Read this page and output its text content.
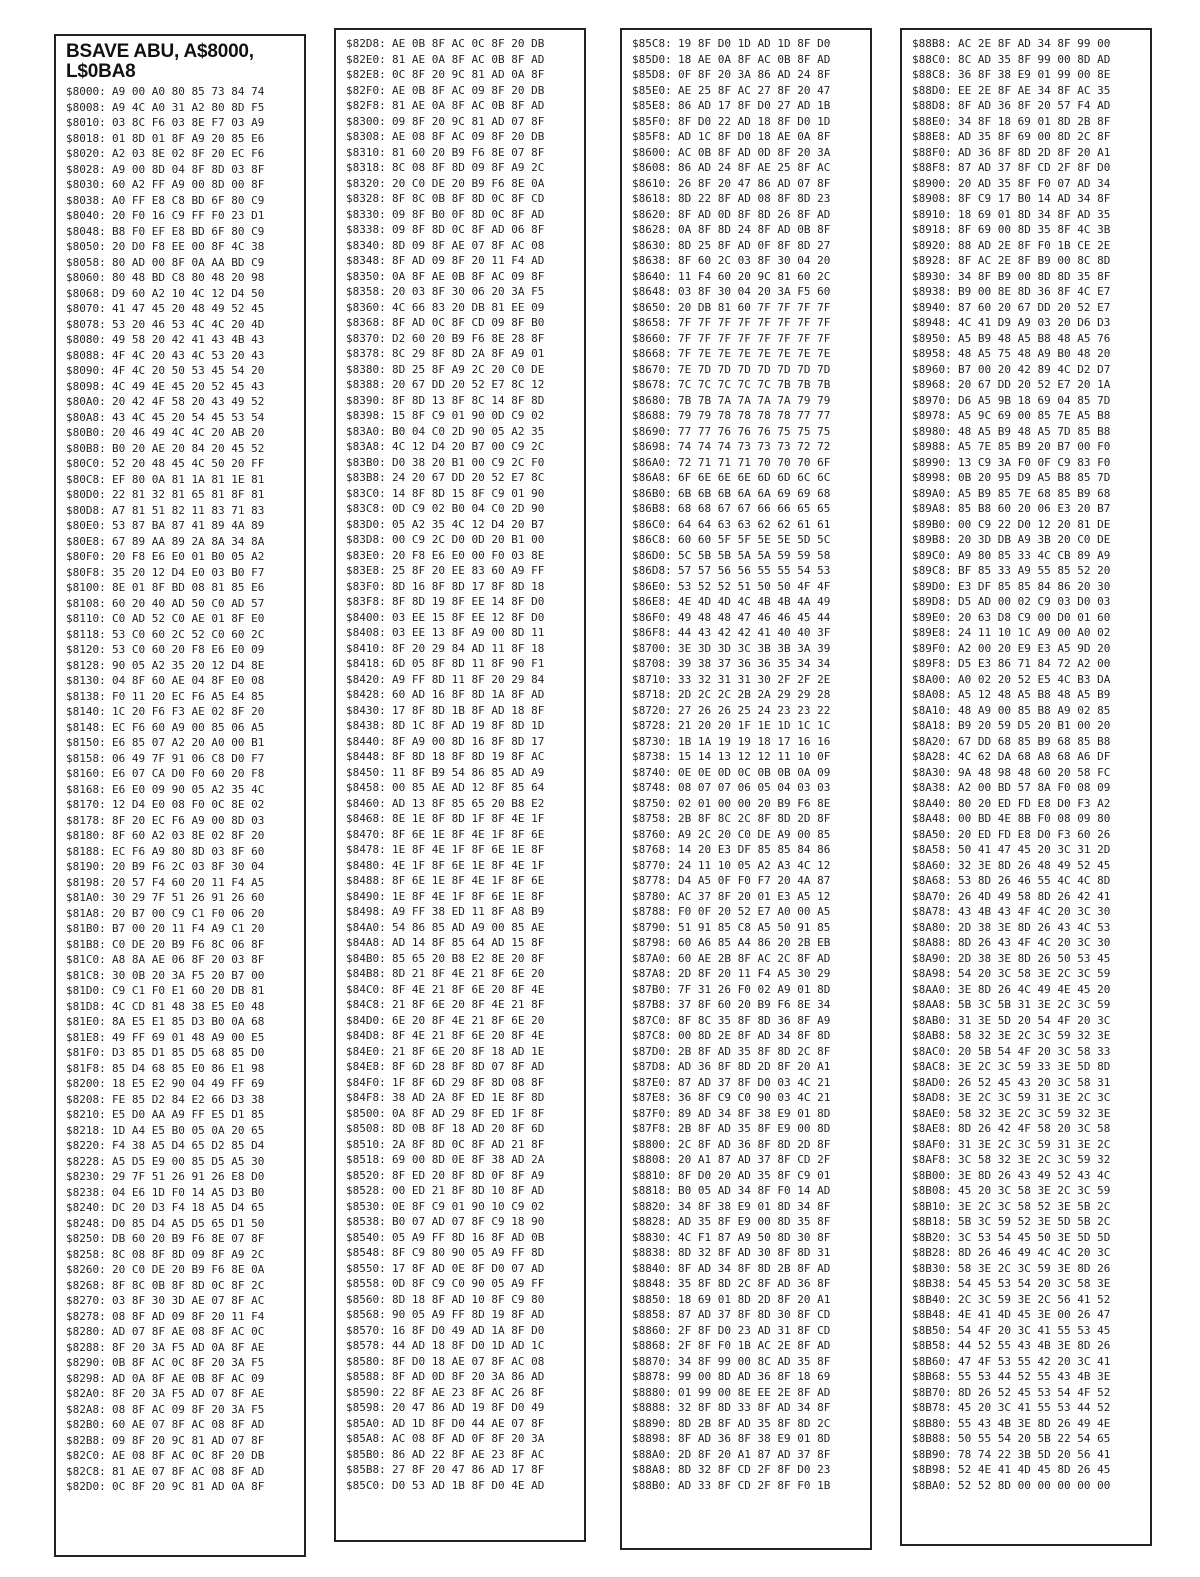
BSAVE ABU, A$8000, L$0BA8
$8000: A9 00 A0 80 85 73 84 74
$8008: A9 4C A0 31 A2 80 8D F5
$8010: 03 8C F6 03 8E F7 03 A9
$8018: 01 8D 01 8F A9 20 85 E6
$8020: A2 03 8E 02 8F 20 EC F6
$8028: A9 00 8D 04 8F 8D 03 8F
$8030: 60 A2 FF A9 00 8D 00 8F
$8038: A0 FF E8 C8 BD 6F 80 C9
$8040: 20 F0 16 C9 FF F0 23 D1
$8048: B8 F0 EF E8 BD 6F 80 C9
$8050: 20 D0 F8 EE 00 8F 4C 38
$8058: 80 AD 00 8F 0A AA BD C9
$8060: 80 48 BD C8 80 48 20 98
$8068: D9 60 A2 10 4C 12 D4 50
$8070: 41 47 45 20 48 49 52 45
$8078: 53 20 46 53 4C 4C 20 4D
$8080: 49 58 20 42 41 43 4B 43
$8088: 4F 4C 20 43 4C 53 20 43
$8090: 4F 4C 20 50 53 45 54 20
$8098: 4C 49 4E 45 20 52 45 43
$80A0: 20 42 4F 58 20 43 49 52
$80A8: 43 4C 45 20 54 45 53 54
$80B0: 20 46 49 4C 4C 20 AB 20
$80B8: B0 20 AE 20 84 20 45 52
$80C0: 52 20 48 45 4C 50 20 FF
$80C8: EF 80 0A 81 1A 81 1E 81
$80D0: 22 81 32 81 65 81 8F 81
$80D8: A7 81 51 82 11 83 71 83
$80E0: 53 87 BA 87 41 89 4A 89
$80E8: 67 89 AA 89 2A 8A 34 8A
$80F0: 20 F8 E6 E0 01 B0 05 A2
$80F8: 35 20 12 D4 E0 03 B0 F7
$8100: 8E 01 8F BD 08 81 85 E6
$8108: 60 20 40 AD 50 C0 AD 57
$8110: C0 AD 52 C0 AE 01 8F E0
$8118: 53 C0 60 2C 52 C0 60 2C
$8120: 53 C0 60 20 F8 E6 E0 09
$8128: 90 05 A2 35 20 12 D4 8E
$8130: 04 8F 60 AE 04 8F E0 08
$8138: F0 11 20 EC F6 A5 E4 85
$8140: 1C 20 F6 F3 AE 02 8F 20
$8148: EC F6 60 A9 00 85 06 A5
$8150: E6 85 07 A2 20 A0 00 B1
$8158: 06 49 7F 91 06 C8 D0 F7
$8160: E6 07 CA D0 F0 60 20 F8
$8168: E6 E0 09 90 05 A2 35 4C
$8170: 12 D4 E0 08 F0 0C 8E 02
$8178: 8F 20 EC F6 A9 00 8D 03
$8180: 8F 60 A2 03 8E 02 8F 20
$8188: EC F6 A9 80 8D 03 8F 60
$8190: 20 B9 F6 2C 03 8F 30 04
$8198: 20 57 F4 60 20 11 F4 A5
$81A0: 30 29 7F 51 26 91 26 60
$81A8: 20 B7 00 C9 C1 F0 06 20
$81B0: B7 00 20 11 F4 A9 C1 20
$81B8: C0 DE 20 B9 F6 8C 06 8F
$81C0: A8 8A AE 06 8F 20 03 8F
$81C8: 30 0B 20 3A F5 20 B7 00
$81D0: C9 C1 F0 E1 60 20 DB 81
$81D8: 4C CD 81 48 38 E5 E0 48
$81E0: 8A E5 E1 85 D3 B0 0A 68
$81E8: 49 FF 69 01 48 A9 00 E5
$81F0: D3 85 D1 85 D5 68 85 D0
$81F8: 85 D4 68 85 E0 86 E1 98
$8200: 18 E5 E2 90 04 49 FF 69
$8208: FE 85 D2 84 E2 66 D3 38
$8210: E5 D0 AA A9 FF E5 D1 85
$8218: 1D A4 E5 B0 05 0A 20 65
$8220: F4 38 A5 D4 65 D2 85 D4
$8228: A5 D5 E9 00 85 D5 A5 30
$8230: 29 7F 51 26 91 26 E8 D0
$8238: 04 E6 1D F0 14 A5 D3 B0
$8240: DC 20 D3 F4 18 A5 D4 65
$8248: D0 85 D4 A5 D5 65 D1 50
$8250: DB 60 20 B9 F6 8E 07 8F
$8258: 8C 08 8F 8D 09 8F A9 2C
$8260: 20 C0 DE 20 B9 F6 8E 0A
$8268: 8F 8C 0B 8F 8D 0C 8F 2C
$8270: 03 8F 30 3D AE 07 8F AC
$8278: 08 8F AD 09 8F 20 11 F4
$8280: AD 07 8F AE 08 8F AC 0C
$8288: 8F 20 3A F5 AD 0A 8F AE
$8290: 0B 8F AC 0C 8F 20 3A F5
$8298: AD 0A 8F AE 0B 8F AC 09
$82A0: 8F 20 3A F5 AD 07 8F AE
$82A8: 08 8F AC 09 8F 20 3A F5
$82B0: 60 AE 07 8F AC 08 8F AD
$82B8: 09 8F 20 9C 81 AD 07 8F
$82C0: AE 08 8F AC 0C 8F 20 DB
$82C8: 81 AE 07 8F AC 08 8F AD
$82D0: 0C 8F 20 9C 81 AD 0A 8F
$82D8: AE 0B 8F AC 0C 8F 20 DB
$82E0: 81 AE 0A 8F AC 0B 8F AD
$82E8: 0C 8F 20 9C 81 AD 0A 8F
$82F0: AE 0B 8F AC 09 8F 20 DB
$82F8: 81 AE 0A 8F AC 0B 8F AD
$8300: 09 8F 20 9C 81 AD 07 8F
$8308: AE 08 8F AC 09 8F 20 DB
$8310: 81 60 20 B9 F6 8E 07 8F
$8318: 8C 08 8F 8D 09 8F A9 2C
$8320: 20 C0 DE 20 B9 F6 8E 0A
$8328: 8F 8C 0B 8F 8D 0C 8F CD
$8330: 09 8F B0 0F 8D 0C 8F AD
$8338: 09 8F 8D 0C 8F AD 06 8F
$8340: 8D 09 8F AE 07 8F AC 08
$8348: 8F AD 09 8F 20 11 F4 AD
$8350: 0A 8F AE 0B 8F AC 09 8F
$8358: 20 03 8F 30 06 20 3A F5
$8360: 4C 66 83 20 DB 81 EE 09
$8368: 8F AD 0C 8F CD 09 8F B0
$8370: D2 60 20 B9 F6 8E 28 8F
$8378: 8C 29 8F 8D 2A 8F A9 01
$8380: 8D 25 8F A9 2C 20 C0 DE
$8388: 20 67 DD 20 52 E7 8C 12
$8390: 8F 8D 13 8F 8C 14 8F 8D
$8398: 15 8F C9 01 90 0D C9 02
$83A0: B0 04 C0 2D 90 05 A2 35
$83A8: 4C 12 D4 20 B7 00 C9 2C
$83B0: D0 38 20 B1 00 C9 2C F0
$83B8: 24 20 67 DD 20 52 E7 8C
$83C0: 14 8F 8D 15 8F C9 01 90
$83C8: 0D C9 02 B0 04 C0 2D 90
$83D0: 05 A2 35 4C 12 D4 20 B7
$83D8: 00 C9 2C D0 0D 20 B1 00
$83E0: 20 F8 E6 E0 00 F0 03 8E
$83E8: 25 8F 20 EE 83 60 A9 FF
$83F0: 8D 16 8F 8D 17 8F 8D 18
$83F8: 8F 8D 19 8F EE 14 8F D0
$8400: 03 EE 15 8F EE 12 8F D0
$8408: 03 EE 13 8F A9 00 8D 11
$8410: 8F 20 29 84 AD 11 8F 18
$8418: 6D 05 8F 8D 11 8F 90 F1
$8420: A9 FF 8D 11 8F 20 29 84
$8428: 60 AD 16 8F 8D 1A 8F AD
$8430: 17 8F 8D 1B 8F AD 18 8F
$8438: 8D 1C 8F AD 19 8F 8D 1D
$8440: 8F A9 00 8D 16 8F 8D 17
$8448: 8F 8D 18 8F 8D 19 8F AC
$8450: 11 8F B9 54 86 85 AD A9
$8458: 00 85 AE AD 12 8F 85 64
$8460: AD 13 8F 85 65 20 B8 E2
$8468: 8E 1E 8F 8D 1F 8F 4E 1F
$8470: 8F 6E 1E 8F 4E 1F 8F 6E
$8478: 1E 8F 4E 1F 8F 6E 1E 8F
$8480: 4E 1F 8F 6E 1E 8F 4E 1F
$8488: 8F 6E 1E 8F 4E 1F 8F 6E
$8490: 1E 8F 4E 1F 8F 6E 1E 8F
$8498: A9 FF 38 ED 11 8F A8 B9
$84A0: 54 86 85 AD A9 00 85 AE
$84A8: AD 14 8F 85 64 AD 15 8F
$84B0: 85 65 20 B8 E2 8E 20 8F
$84B8: 8D 21 8F 4E 21 8F 6E 20
$84C0: 8F 4E 21 8F 6E 20 8F 4E
$84C8: 21 8F 6E 20 8F 4E 21 8F
$84D0: 6E 20 8F 4E 21 8F 6E 20
$84D8: 8F 4E 21 8F 6E 20 8F 4E
$84E0: 21 8F 6E 20 8F 18 AD 1E
$84E8: 8F 6D 28 8F 8D 07 8F AD
$84F0: 1F 8F 6D 29 8F 8D 08 8F
$84F8: 38 AD 2A 8F ED 1E 8F 8D
$8500: 0A 8F AD 29 8F ED 1F 8F
$8508: 8D 0B 8F 18 AD 20 8F 6D
$8510: 2A 8F 8D 0C 8F AD 21 8F
$8518: 69 00 8D 0E 8F 38 AD 2A
$8520: 8F ED 20 8F 8D 0F 8F A9
$8528: 00 ED 21 8F 8D 10 8F AD
$8530: 0E 8F C9 01 90 10 C9 02
$8538: B0 07 AD 07 8F C9 18 90
$8540: 05 A9 FF 8D 16 8F AD 0B
$8548: 8F C9 80 90 05 A9 FF 8D
$8550: 17 8F AD 0E 8F D0 07 AD
$8558: 0D 8F C9 C0 90 05 A9 FF
$8560: 8D 18 8F AD 10 8F C9 80
$8568: 90 05 A9 FF 8D 19 8F AD
$8570: 16 8F D0 49 AD 1A 8F D0
$8578: 44 AD 18 8F D0 1D AD 1C
$8580: 8F D0 18 AE 07 8F AC 08
$8588: 8F AD 0D 8F 20 3A 86 AD
$8590: 22 8F AE 23 8F AC 26 8F
$8598: 20 47 86 AD 19 8F D0 49
$85A0: AD 1D 8F D0 44 AE 07 8F
$85A8: AC 08 8F AD 0F 8F 20 3A
$85B0: 86 AD 22 8F AE 23 8F AC
$85B8: 27 8F 20 47 86 AD 17 8F
$85C0: D0 53 AD 1B 8F D0 4E AD
$85C8: 19 8F D0 1D AD 1D 8F D0
$85D0: 18 AE 0A 8F AC 0B 8F AD
$85D8: 0F 8F 20 3A 86 AD 24 8F
$85E0: AE 25 8F AC 27 8F 20 47
$85E8: 86 AD 17 8F D0 27 AD 1B
$85F0: 8F D0 22 AD 18 8F D0 1D
$85F8: AD 1C 8F D0 18 AE 0A 8F
$8600: AC 0B 8F AD 0D 8F 20 3A
$8608: 86 AD 24 8F AE 25 8F AC
$8610: 26 8F 20 47 86 AD 07 8F
$8618: 8D 22 8F AD 08 8F 8D 23
$8620: 8F AD 0D 8F 8D 26 8F AD
$8628: 0A 8F 8D 24 8F AD 0B 8F
$8630: 8D 25 8F AD 0F 8F 8D 27
$8638: 8F 60 2C 03 8F 30 04 20
$8640: 11 F4 60 20 9C 81 60 2C
$8648: 03 8F 30 04 20 3A F5 60
$8650: 20 DB 81 60 7F 7F 7F 7F
$8658: 7F 7F 7F 7F 7F 7F 7F 7F
$8660: 7F 7F 7F 7F 7F 7F 7F 7F
$8668: 7F 7E 7E 7E 7E 7E 7E 7E
$8670: 7E 7D 7D 7D 7D 7D 7D 7D
$8678: 7C 7C 7C 7C 7C 7B 7B 7B
$8680: 7B 7B 7A 7A 7A 7A 79 79
$8688: 79 79 78 78 78 78 77 77
$8690: 77 77 76 76 76 75 75 75
$8698: 74 74 74 73 73 73 72 72
$86A0: 72 71 71 71 70 70 70 6F
$86A8: 6F 6E 6E 6E 6D 6D 6C 6C
$86B0: 6B 6B 6B 6A 6A 69 69 68
$86B8: 68 68 67 67 66 66 65 65
$86C0: 64 64 63 63 62 62 61 61
$86C8: 60 60 5F 5F 5E 5E 5D 5C
$86D0: 5C 5B 5B 5A 5A 59 59 58
$86D8: 57 57 56 56 55 55 54 53
$86E0: 53 52 52 51 50 50 4F 4F
$86E8: 4E 4D 4D 4C 4B 4B 4A 49
$86F0: 49 48 48 47 46 46 45 44
$86F8: 44 43 42 42 41 40 40 3F
$8700: 3E 3D 3D 3C 3B 3B 3A 39
$8708: 39 38 37 36 36 35 34 34
$8710: 33 32 31 31 30 2F 2F 2E
$8718: 2D 2C 2C 2B 2A 29 29 28
$8720: 27 26 26 25 24 23 23 22
$8728: 21 20 20 1F 1E 1D 1C 1C
$8730: 1B 1A 19 19 18 17 16 16
$8738: 15 14 13 12 12 11 10 0F
$8740: 0E 0E 0D 0C 0B 0B 0A 09
$8748: 08 07 07 06 05 04 03 03
$8750: 02 01 00 00 20 B9 F6 8E
$8758: 2B 8F 8C 2C 8F 8D 2D 8F
$8760: A9 2C 20 C0 DE A9 00 85
$8768: 14 20 E3 DF 85 85 84 86
$8770: 24 11 10 05 A2 A3 4C 12
$8778: D4 A5 0F F0 F7 20 4A 87
$8780: AC 37 8F 20 01 E3 A5 12
$8788: F0 0F 20 52 E7 A0 00 A5
$8790: 51 91 85 C8 A5 50 91 85
$8798: 60 A6 85 A4 86 20 2B EB
$87A0: 60 AE 2B 8F AC 2C 8F AD
$87A8: 2D 8F 20 11 F4 A5 30 29
$87B0: 7F 31 26 F0 02 A9 01 8D
$87B8: 37 8F 60 20 B9 F6 8E 34
$87C0: 8F 8C 35 8F 8D 36 8F A9
$87C8: 00 8D 2E 8F AD 34 8F 8D
$87D0: 2B 8F AD 35 8F 8D 2C 8F
$87D8: AD 36 8F 8D 2D 8F 20 A1
$87E0: 87 AD 37 8F D0 03 4C 21
$87E8: 36 8F C9 C0 90 03 4C 21
$87F0: 89 AD 34 8F 38 E9 01 8D
$87F8: 2B 8F AD 35 8F E9 00 8D
$8800: 2C 8F AD 36 8F 8D 2D 8F
$8808: 20 A1 87 AD 37 8F CD 2F
$8810: 8F D0 20 AD 35 8F C9 01
$8818: B0 05 AD 34 8F F0 14 AD
$8820: 34 8F 38 E9 01 8D 34 8F
$8828: AD 35 8F E9 00 8D 35 8F
$8830: 4C F1 87 A9 50 8D 30 8F
$8838: 8D 32 8F AD 30 8F 8D 31
$8840: 8F AD 34 8F 8D 2B 8F AD
$8848: 35 8F 8D 2C 8F AD 36 8F
$8850: 18 69 01 8D 2D 8F 20 A1
$8858: 87 AD 37 8F 8D 30 8F CD
$8860: 2F 8F D0 23 AD 31 8F CD
$8868: 2F 8F F0 1B AC 2E 8F AD
$8870: 34 8F 99 00 8C AD 35 8F
$8878: 99 00 8D AD 36 8F 18 69
$8880: 01 99 00 8E EE 2E 8F AD
$8888: 32 8F 8D 33 8F AD 34 8F
$8890: 8D 2B 8F AD 35 8F 8D 2C
$8898: 8F AD 36 8F 38 E9 01 8D
$88A0: 2D 8F 20 A1 87 AD 37 8F
$88A8: 8D 32 8F CD 2F 8F D0 23
$88B0: AD 33 8F CD 2F 8F F0 1B
$88B8: AC 2E 8F AD 34 8F 99 00
$88C0: 8C AD 35 8F 99 00 8D AD
$88C8: 36 8F 38 E9 01 99 00 8E
$88D0: EE 2E 8F AE 34 8F AC 35
$88D8: 8F AD 36 8F 20 57 F4 AD
$88E0: 34 8F 18 69 01 8D 2B 8F
$88E8: AD 35 8F 69 00 8D 2C 8F
$88F0: AD 36 8F 8D 2D 8F 20 A1
$88F8: 87 AD 37 8F CD 2F 8F D0
$8900: 20 AD 35 8F F0 07 AD 34
$8908: 8F C9 17 B0 14 AD 34 8F
$8910: 18 69 01 8D 34 8F AD 35
$8918: 8F 69 00 8D 35 8F 4C 3B
$8920: 88 AD 2E 8F F0 1B CE 2E
$8928: 8F AC 2E 8F B9 00 8C 8D
$8930: 34 8F B9 00 8D 8D 35 8F
$8938: B9 00 8E 8D 36 8F 4C E7
$8940: 87 60 20 67 DD 20 52 E7
$8948: 4C 41 D9 A9 03 20 D6 D3
$8950: A5 B9 48 A5 B8 48 A5 76
$8958: 48 A5 75 48 A9 B0 48 20
$8960: B7 00 20 42 89 4C D2 D7
$8968: 20 67 DD 20 52 E7 20 1A
$8970: D6 A5 9B 18 69 04 85 7D
$8978: A5 9C 69 00 85 7E A5 B8
$8980: 48 A5 B9 48 A5 7D 85 B8
$8988: A5 7E 85 B9 20 B7 00 F0
$8990: 13 C9 3A F0 0F C9 83 F0
$8998: 0B 20 95 D9 A5 B8 85 7D
$89A0: A5 B9 85 7E 68 85 B9 68
$89A8: 85 B8 60 20 06 E3 20 B7
$89B0: 00 C9 22 D0 12 20 81 DE
$89B8: 20 3D DB A9 3B 20 C0 DE
$89C0: A9 80 85 33 4C CB 89 A9
$89C8: BF 85 33 A9 55 85 52 20
$89D0: E3 DF 85 85 84 86 20 30
$89D8: D5 AD 00 02 C9 03 D0 03
$89E0: 20 63 D8 C9 00 D0 01 60
$89E8: 24 11 10 1C A9 00 A0 02
$89F0: A2 00 20 E9 E3 A5 9D 20
$89F8: D5 E3 86 71 84 72 A2 00
$8A00: A0 02 20 52 E5 4C B3 DA
$8A08: A5 12 48 A5 B8 48 A5 B9
$8A10: 48 A9 00 85 B8 A9 02 85
$8A18: B9 20 59 D5 20 B1 00 20
$8A20: 67 DD 68 85 B9 68 85 B8
$8A28: 4C 62 DA 68 A8 68 A6 DF
$8A30: 9A 48 98 48 60 20 58 FC
$8A38: A2 00 BD 57 8A F0 08 09
$8A40: 80 20 ED FD E8 D0 F3 A2
$8A48: 00 BD 4E 8B F0 08 09 80
$8A50: 20 ED FD E8 D0 F3 60 26
$8A58: 50 41 47 45 20 3C 31 2D
$8A60: 32 3E 8D 26 48 49 52 45
$8A68: 53 8D 26 46 55 4C 4C 8D
$8A70: 26 4D 49 58 8D 26 42 41
$8A78: 43 4B 43 4F 4C 20 3C 30
$8A80: 2D 38 3E 8D 26 43 4C 53
$8A88: 8D 26 43 4F 4C 20 3C 30
$8A90: 2D 38 3E 8D 26 50 53 45
$8A98: 54 20 3C 58 3E 2C 3C 59
$8AA0: 3E 8D 26 4C 49 4E 45 20
$8AA8: 5B 3C 5B 31 3E 2C 3C 59
$8AB0: 31 3E 5D 20 54 4F 20 3C
$8AB8: 58 32 3E 2C 3C 59 32 3E
$8AC0: 20 5B 54 4F 20 3C 58 33
$8AC8: 3E 2C 3C 59 33 3E 5D 8D
$8AD0: 26 52 45 43 20 3C 58 31
$8AD8: 3E 2C 3C 59 31 3E 2C 3C
$8AE0: 58 32 3E 2C 3C 59 32 3E
$8AE8: 8D 26 42 4F 58 20 3C 58
$8AF0: 31 3E 2C 3C 59 31 3E 2C
$8AF8: 3C 58 32 3E 2C 3C 59 32
$8B00: 3E 8D 26 43 49 52 43 4C
$8B08: 45 20 3C 58 3E 2C 3C 59
$8B10: 3E 2C 3C 58 52 3E 5B 2C
$8B18: 5B 3C 59 52 3E 5D 5B 2C
$8B20: 3C 53 54 45 50 3E 5D 5D
$8B28: 8D 26 46 49 4C 4C 20 3C
$8B30: 58 3E 2C 3C 59 3E 8D 26
$8B38: 54 45 53 54 20 3C 58 3E
$8B40: 2C 3C 59 3E 2C 56 41 52
$8B48: 4E 41 4D 45 3E 00 26 47
$8B50: 54 4F 20 3C 41 55 53 45
$8B58: 44 52 55 43 4B 3E 8D 26
$8B60: 47 4F 53 55 42 20 3C 41
$8B68: 55 53 44 52 55 43 4B 3E
$8B70: 8D 26 52 45 53 54 4F 52
$8B78: 45 20 3C 41 55 53 44 52
$8B80: 55 43 4B 3E 8D 26 49 4E
$8B88: 50 55 54 20 5B 22 54 65
$8B90: 78 74 22 3B 5D 20 56 41
$8B98: 52 4E 41 4D 45 8D 26 45
$8BA0: 52 52 8D 00 00 00 00 00
